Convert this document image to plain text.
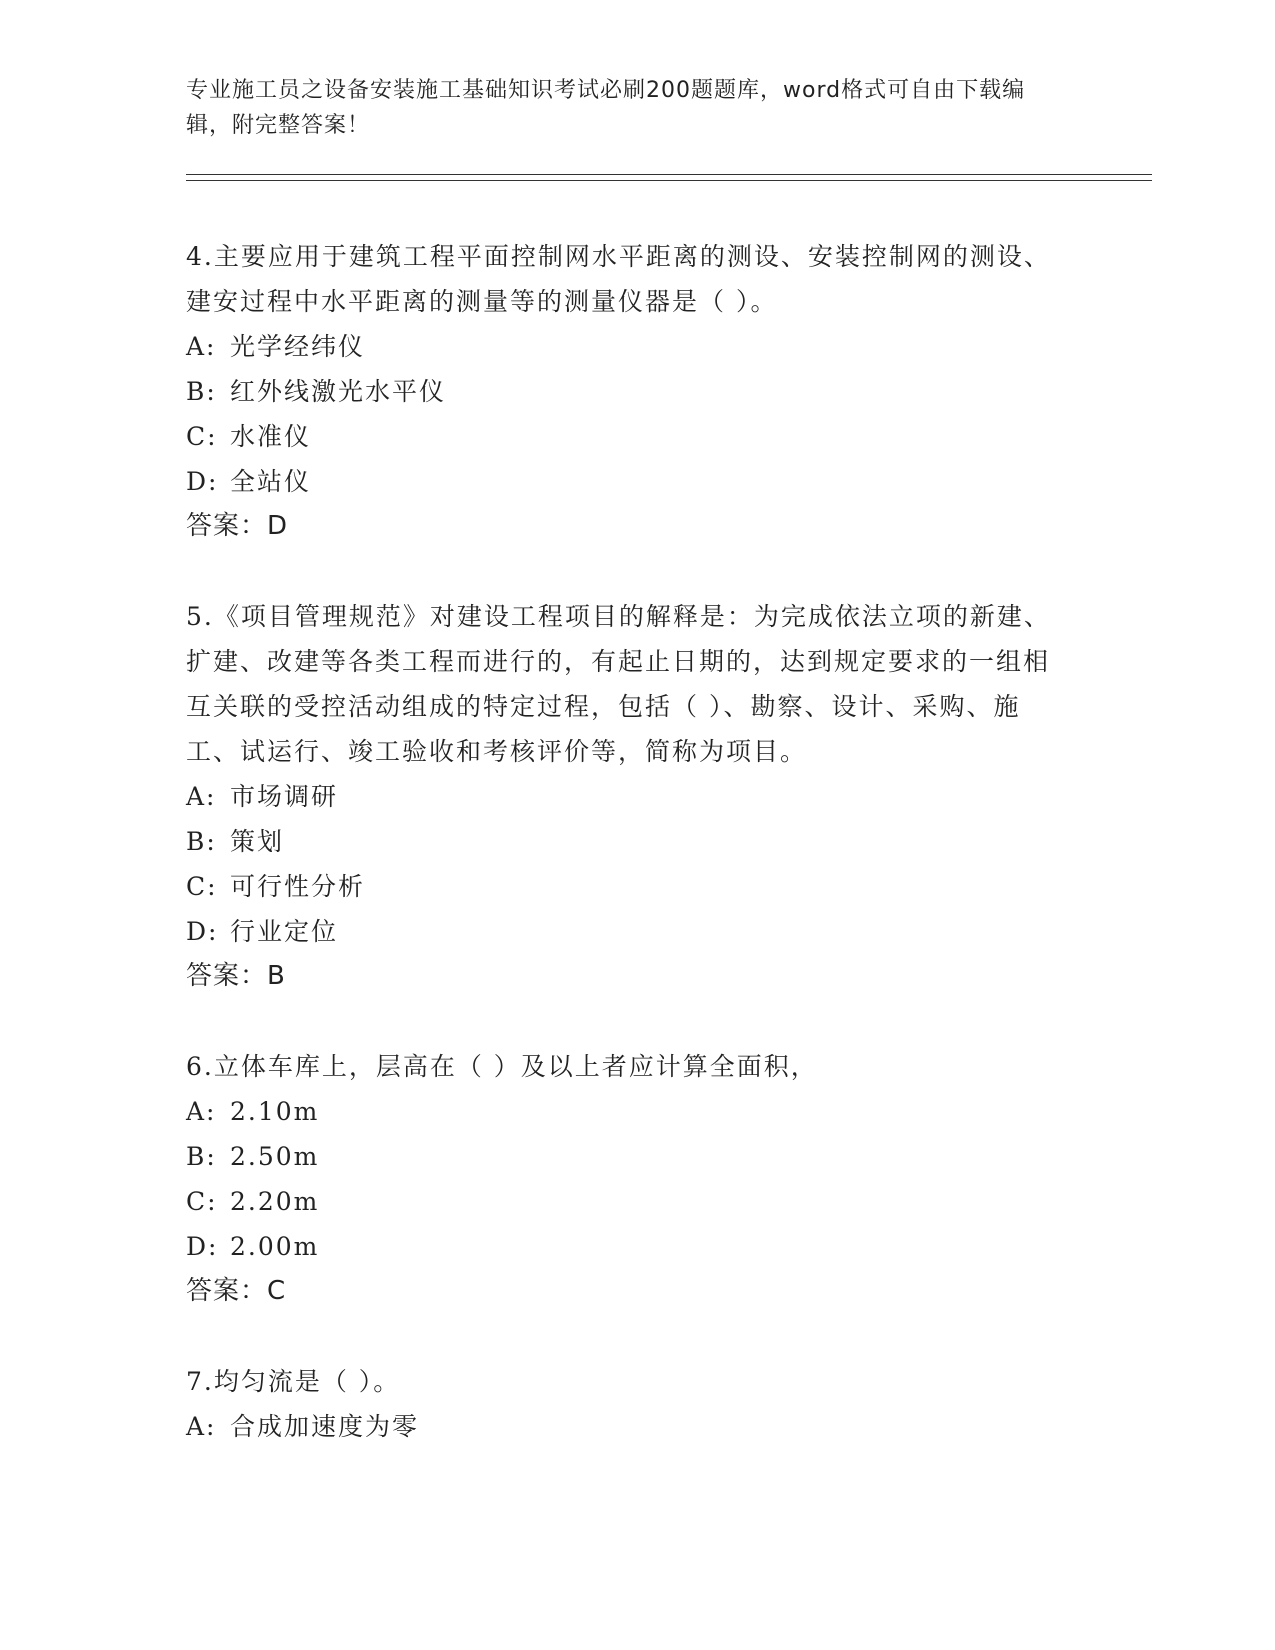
专业施工员之设备安装施工基础知识考试必刷200题题库，word格式可自由下载编辑，附完整答案！

4.主要应用于建筑工程平面控制网水平距离的测设、安装控制网的测设、建安过程中水平距离的测量等的测量仪器是（ ）。

A: 光学经纬仪
B: 红外线激光水平仪
C: 水准仪
D: 全站仪
答案：D

5.《项目管理规范》对建设工程项目的解释是：为完成依法立项的新建、扩建、改建等各类工程而进行的，有起止日期的，达到规定要求的一组相互关联的受控活动组成的特定过程，包括（ ）、勘察、设计、采购、施工、试运行、竣工验收和考核评价等，简称为项目。

A: 市场调研
B: 策划
C: 可行性分析
D: 行业定位
答案：B

6.立体车库上，层高在（ ）及以上者应计算全面积，

A: 2.10m
B: 2.50m
C: 2.20m
D: 2.00m
答案：C

7.均匀流是（ ）。

A: 合成加速度为零
